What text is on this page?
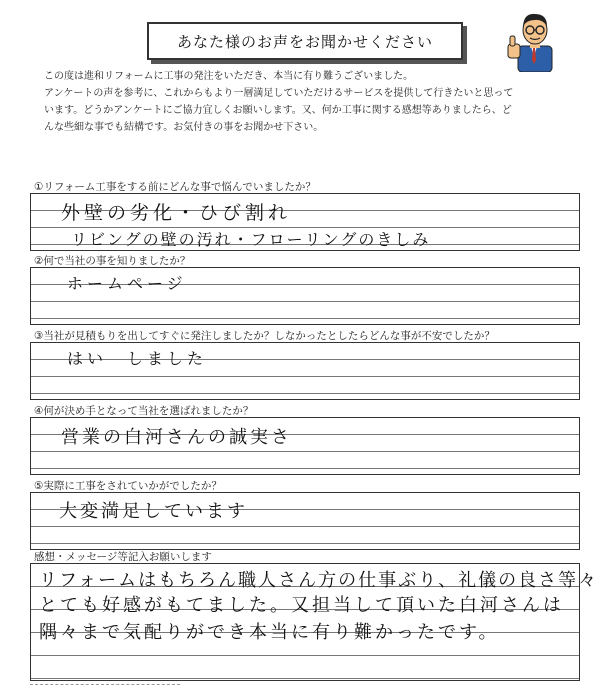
あなた様のお声をお聞かせください

この度は進和リフォームに工事の発注をいただき、本当に有り難うございました。

アンケートの声を参考に、これからもより一層満足していただけるサービスを提供して行きたいと思って

います。どうかアンケートにご協力宜しくお願いします。又、何か工事に関する感想等ありましたら、ど

んな些細な事でも結構です。お気付きの事をお聞かせ下さい。

①リフォーム工事をする前にどんな事で悩んでいましたか？
外壁の劣化・ひび割れ
リビングの壁の汚れ・フローリングのきしみ
②何で当社の事を知りましたか？
ホームページ
③当社が見積もりを出してすぐに発注しましたか？しなかったとしたらどんな事が不安でしたか？
はい　しました
④何が決め手となって当社を選ばれましたか？
営業の白河さんの誠実さ
⑤実際に工事をされていかがでしたか？
大変満足しています
感想・メッセージ等記入お願いします
リフォームはもちろん職人さん方の仕事ぶり、礼儀の良さ等々
とても好感がもてました。又担当して頂いた白河さんは
隅々まで気配りができ本当に有り難かったです。
